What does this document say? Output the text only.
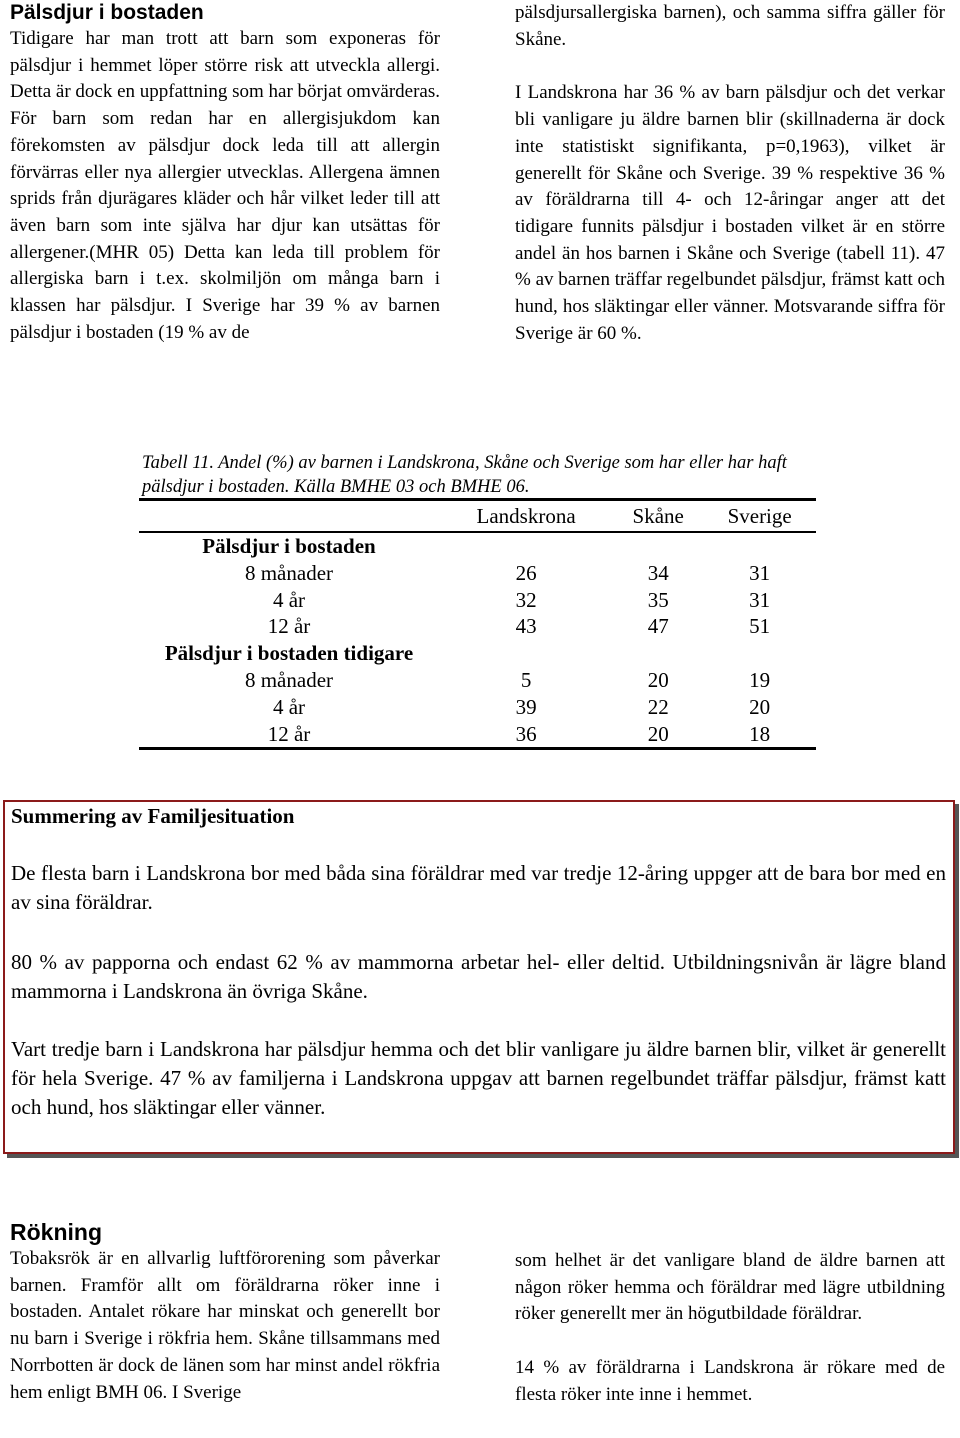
Pälsdjur i bostaden

Tidigare har man trott att barn som exponeras för pälsdjur i hemmet löper större risk att utveckla allergi. Detta är dock en uppfattning som har börjat omvärderas. För barn som redan har en allergisjukdom kan förekomsten av pälsdjur dock leda till att allergin förvärras eller nya allergier utvecklas. Allergena ämnen sprids från djurägares kläder och hår vilket leder till att även barn som inte själva har djur kan utsättas för allergener.(MHR 05) Detta kan leda till problem för allergiska barn i t.ex. skolmiljön om många barn i klassen har pälsdjur. I Sverige har 39 % av barnen pälsdjur i bostaden (19 % av de

pälsdjursallergiska barnen), och samma siffra gäller för Skåne.

I Landskrona har 36 % av barn pälsdjur och det verkar bli vanligare ju äldre barnen blir (skillnaderna är dock inte statistiskt signifikanta, p=0,1963), vilket är generellt för Skåne och Sverige. 39 % respektive 36 % av föräldrarna till 4- och 12-åringar anger att det tidigare funnits pälsdjur i bostaden vilket är en större andel än hos barnen i Skåne och Sverige (tabell 11). 47 % av barnen träffar regelbundet pälsdjur, främst katt och hund, hos släktingar eller vänner. Motsvarande siffra för Sverige är 60 %.

Tabell 11. Andel (%) av barnen i Landskrona, Skåne och Sverige som har eller har haft pälsdjur i bostaden. Källa BMHE 03 och BMHE 06.
	Landskrona	Skåne	Sverige
Pälsdjur i bostaden			
8 månader	26	34	31
4 år	32	35	31
12 år	43	47	51
Pälsdjur i bostaden tidigare			
8 månader	5	20	19
4 år	39	22	20
12 år	36	20	18

Summering av Familjesituation

De flesta barn i Landskrona bor med båda sina föräldrar med var tredje 12-åring uppger att de bara bor med en av sina föräldrar.

80 % av papporna och endast 62 % av mammorna arbetar hel- eller deltid. Utbildningsnivån är lägre bland mammorna i Landskrona än övriga Skåne.

Vart tredje barn i Landskrona har pälsdjur hemma och det blir vanligare ju äldre barnen blir, vilket är generellt för hela Sverige. 47 % av familjerna i Landskrona uppgav att barnen regelbundet träffar pälsdjur, främst katt och hund, hos släktingar eller vänner.

Rökning

Tobaksrök är en allvarlig luftförorening som påverkar barnen. Framför allt om föräldrarna röker inne i bostaden. Antalet rökare har minskat och generellt bor nu barn i Sverige i rökfria hem. Skåne tillsammans med Norrbotten är dock de länen som har minst andel rökfria hem enligt BMH 06. I Sverige

som helhet är det vanligare bland de äldre barnen att någon röker hemma och föräldrar med lägre utbildning röker generellt mer än högutbildade föräldrar.

14 % av föräldrarna i Landskrona är rökare med de flesta röker inte inne i hemmet.
